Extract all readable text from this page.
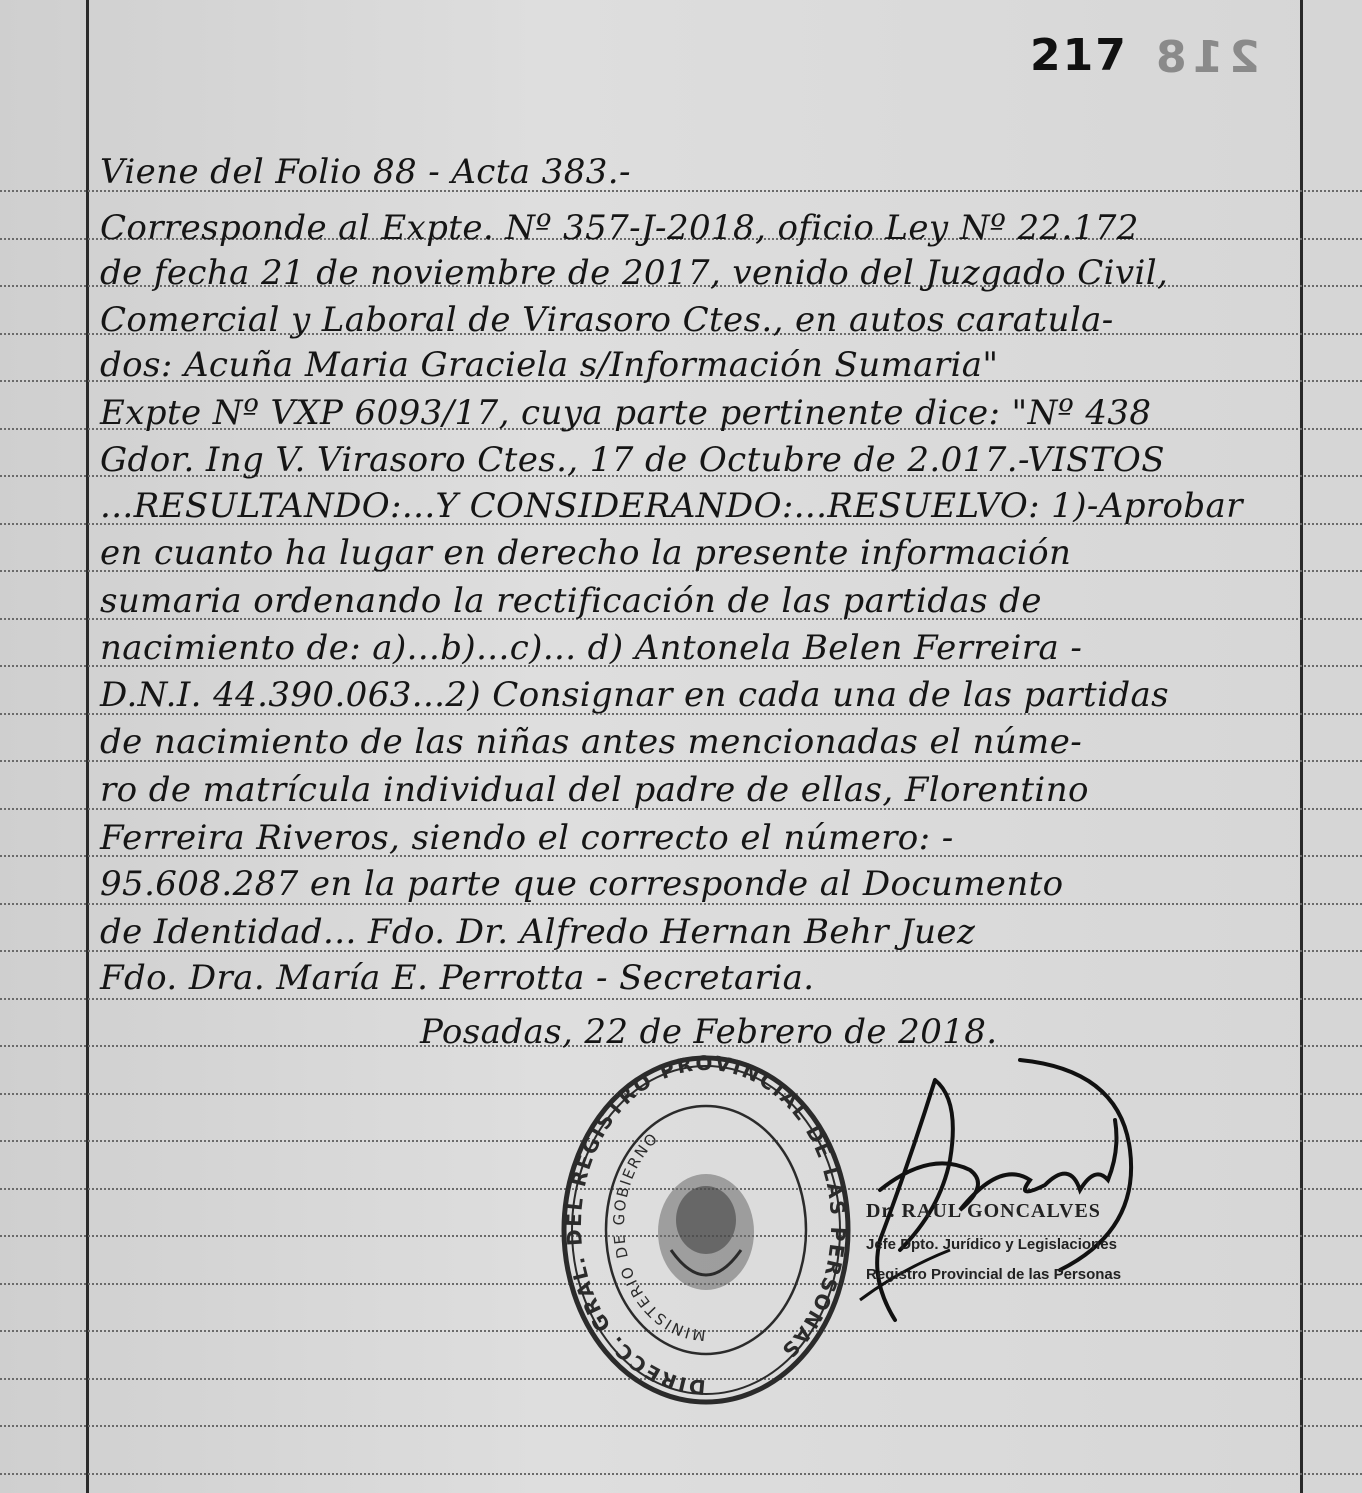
217 218
Viene del Folio 88 - Acta 383.-
Corresponde al Expte. Nº 357-J-2018, oficio Ley Nº 22.172
de fecha 21 de noviembre de 2017, venido del Juzgado Civil,
Comercial y Laboral de Virasoro Ctes., en autos caratula-
dos: Acuña Maria Graciela s/Información Sumaria"
Expte Nº VXP 6093/17, cuya parte pertinente dice: "Nº 438
Gdor. Ing V. Virasoro Ctes., 17 de Octubre de 2.017.-VISTOS
...RESULTANDO:...Y CONSIDERANDO:...RESUELVO: 1)-Aprobar
en cuanto ha lugar en derecho la presente información
sumaria ordenando la rectificación de las partidas de
nacimiento de: a)...b)...c)... d) Antonela Belen Ferreira -
D.N.I. 44.390.063...2) Consignar en cada una de las partidas
de nacimiento de las niñas antes mencionadas el núme-
ro de matrícula individual del padre de ellas, Florentino
Ferreira Riveros, siendo el correcto el número: -
95.608.287 en la parte que corresponde al Documento
de Identidad... Fdo. Dr. Alfredo Hernan Behr Juez
Fdo. Dra. María E. Perrotta - Secretaria.
Posadas, 22 de Febrero de 2018.
DIRECC. GRAL. DEL REGISTRO PROVINCIAL DE LAS PERSONAS
MINISTERIO DE GOBIERNO
Dr. RAUL GONCALVES
Jefe Dpto. Jurídico y Legislaciones
Registro Provincial de las Personas
